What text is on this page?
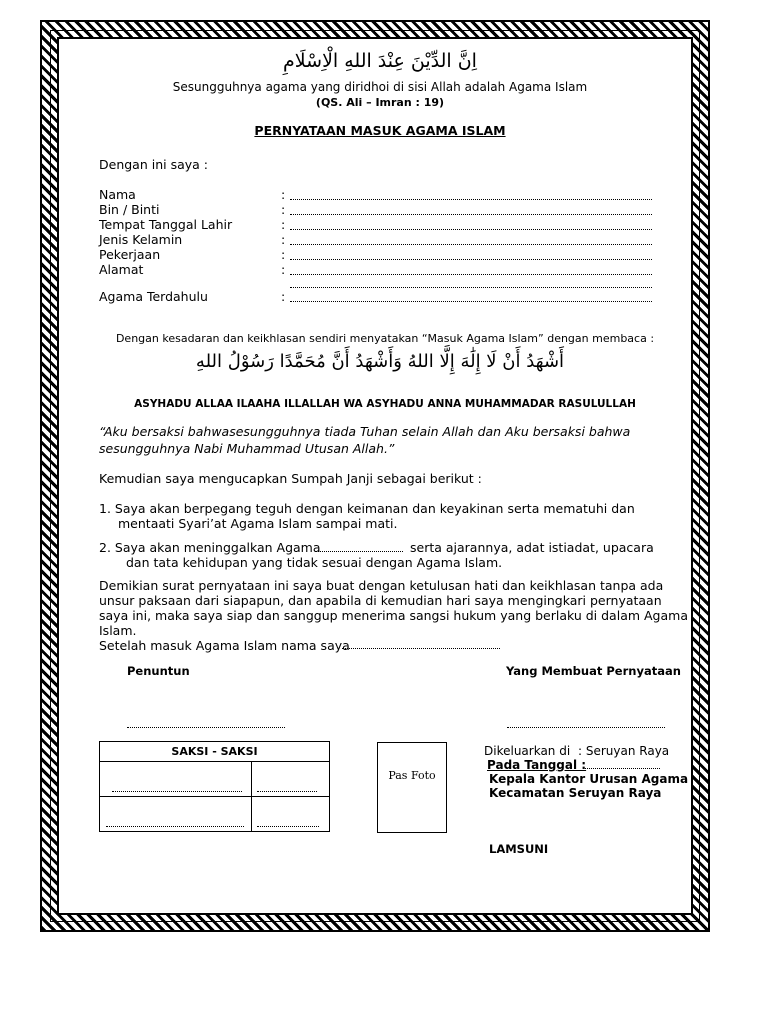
اِنَّ الدِّيْنَ عِنْدَ اللهِ الْاِسْلَامِ
Sesungguhnya agama yang diridhoi di sisi Allah adalah Agama Islam
(QS. Ali – Imran : 19)
PERNYATAAN MASUK AGAMA ISLAM
Dengan ini saya :
Nama	:
Bin / Binti	:
Tempat Tanggal Lahir	:
Jenis Kelamin	:
Pekerjaan	:
Alamat	:
Agama Terdahulu	:
Dengan kesadaran dan keikhlasan sendiri menyatakan “Masuk Agama Islam” dengan membaca :
أَشْهَدُ أَنْ لَا إِلَٰهَ إِلَّا اللهُ وَأَشْهَدُ أَنَّ مُحَمَّدًا رَسُوْلُ اللهِ
ASYHADU ALLAA ILAAHA ILLALLAH WA ASYHADU ANNA MUHAMMADAR RASULULLAH
“Aku bersaksi bahwasesungguhnya tiada Tuhan selain Allah dan Aku bersaksi bahwa
sesungguhnya Nabi Muhammad Utusan Allah.”
Kemudian saya mengucapkan Sumpah Janji sebagai berikut :
1. Saya akan berpegang teguh dengan keimanan dan keyakinan serta mematuhi dan
mentaati Syari’at Agama Islam sampai mati.
2. Saya akan meninggalkan Agama	serta ajarannya, adat istiadat, upacara
dan tata kehidupan yang tidak sesuai dengan Agama Islam.
Demikian surat pernyataan ini saya buat dengan ketulusan hati dan keikhlasan tanpa ada
unsur paksaan dari siapapun, dan apabila di kemudian hari saya mengingkari pernyataan
saya ini, maka saya siap dan sanggup menerima sangsi hukum yang berlaku di dalam Agama
Islam.
Setelah masuk Agama Islam nama saya
Penuntun	Yang Membuat Pernyataan
SAKSI - SAKSI
Pas Foto
Dikeluarkan di : Seruyan Raya
Pada Tanggal :
Kepala Kantor Urusan Agama
Kecamatan Seruyan Raya
LAMSUNI
